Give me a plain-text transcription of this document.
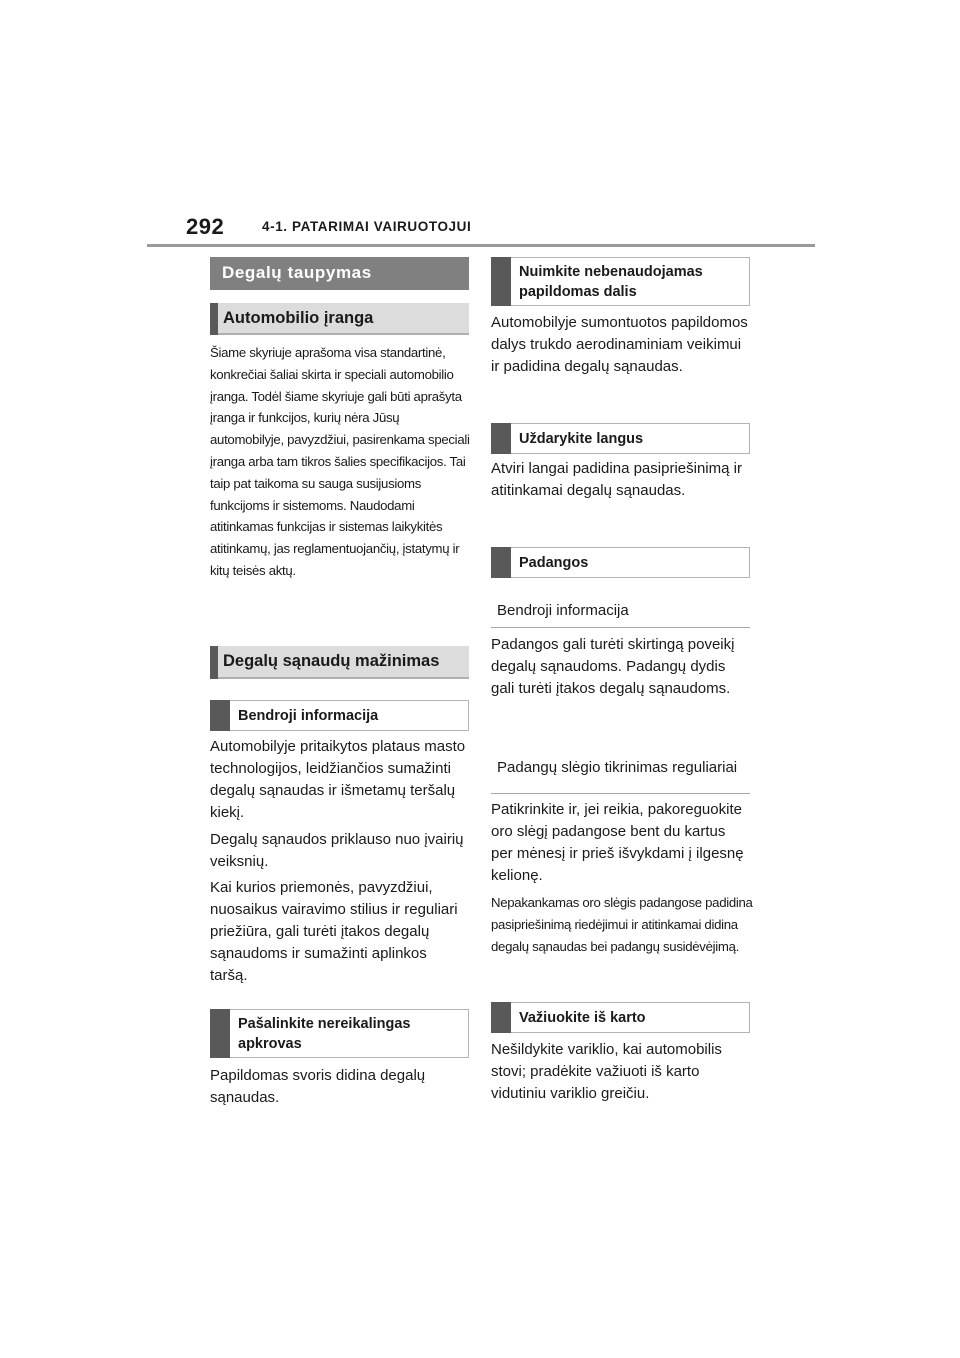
292	4-1. PATARIMAI VAIRUOTOJUI
Degalų taupymas
Automobilio įranga

Šiame skyriuje aprašoma visa standartinė, konkrečiai šaliai skirta ir speciali automobilio įranga. Todėl šiame skyriuje gali būti aprašyta įranga ir funkcijos, kurių nėra Jūsų automobilyje, pavyzdžiui, pasirenkama speciali įranga arba tam tikros šalies specifikacijos. Tai taip pat taikoma su sauga susijusioms funkcijoms ir sistemoms. Naudodami atitinkamas funkcijas ir sistemas laikykitės atitinkamų, jas reglamentuojančių, įstatymų ir kitų teisės aktų.

Degalų sąnaudų mažinimas
Bendroji informacija

Automobilyje pritaikytos plataus masto technologijos, leidžiančios sumažinti degalų sąnaudas ir išmetamų teršalų kiekį.

Degalų sąnaudos priklauso nuo įvairių veiksnių.

Kai kurios priemonės, pavyzdžiui, nuosaikus vairavimo stilius ir reguliari priežiūra, gali turėti įtakos degalų sąnaudoms ir sumažinti aplinkos taršą.

Pašalinkite nereikalingas apkrovas

Papildomas svoris didina degalų sąnaudas.

Nuimkite nebenaudojamas papildomas dalis

Automobilyje sumontuotos papildomos dalys trukdo aerodinaminiam veikimui ir padidina degalų sąnaudas.

Uždarykite langus

Atviri langai padidina pasipriešinimą ir atitinkamai degalų sąnaudas.

Padangos
Bendroji informacija

Padangos gali turėti skirtingą poveikį degalų sąnaudoms. Padangų dydis gali turėti įtakos degalų sąnaudoms.

Padangų slėgio tikrinimas reguliariai

Patikrinkite ir, jei reikia, pakoreguokite oro slėgį padangose bent du kartus per mėnesį ir prieš išvykdami į ilgesnę kelionę.

Nepakankamas oro slėgis padangose padidina pasipriešinimą riedėjimui ir atitinkamai didina degalų sąnaudas bei padangų susidėvėjimą.

Važiuokite iš karto

Nešildykite variklio, kai automobilis stovi; pradėkite važiuoti iš karto vidutiniu variklio greičiu.
